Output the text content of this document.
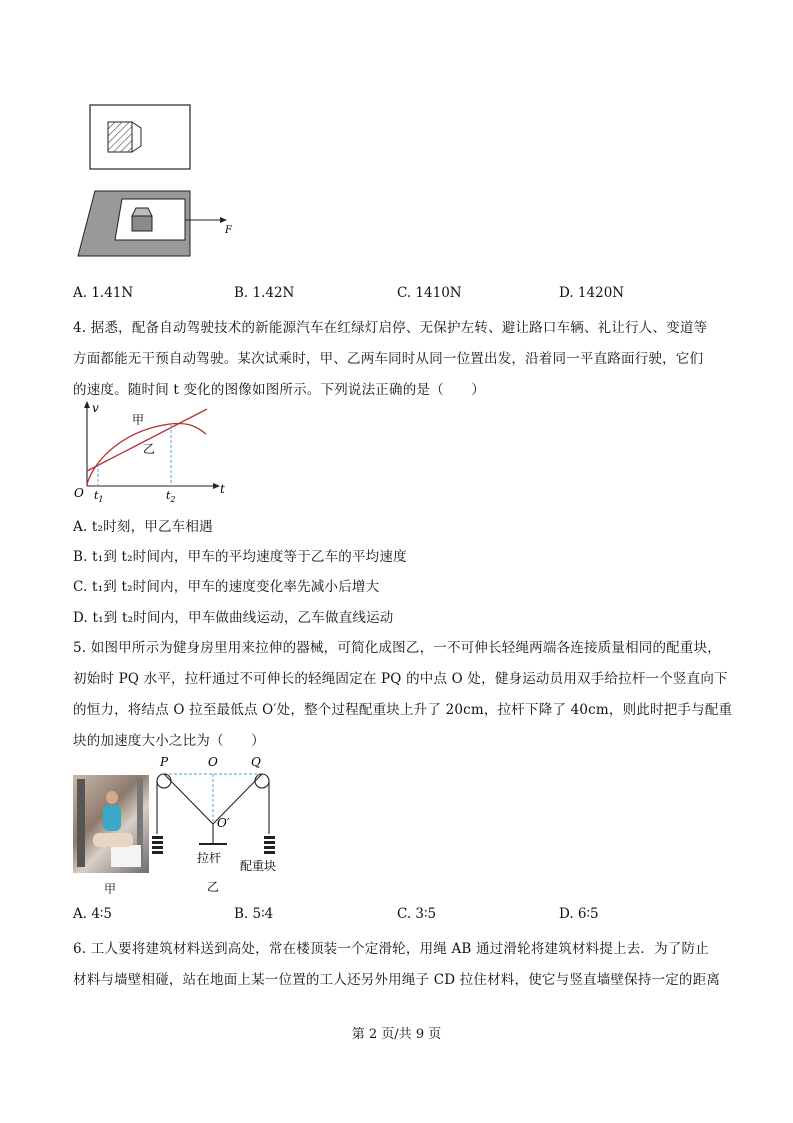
F
A. 1.41N	B. 1.42N	C. 1410N	D. 1420N
4. 据悉，配备自动驾驶技术的新能源汽车在红绿灯启停、无保护左转、避让路口车辆、礼让行人、变道等
方面都能无干预自动驾驶。某次试乘时，甲、乙两车同时从同一位置出发，沿着同一平直路面行驶，它们
的速度。随时间 t 变化的图像如图所示。下列说法正确的是（　　）
v
t
O
甲
乙
$t_1$	$t_2$
A. t₂时刻，甲乙车相遇
B. t₁到 t₂时间内，甲车的平均速度等于乙车的平均速度
C. t₁到 t₂时间内，甲车的速度变化率先减小后增大
D. t₁到 t₂时间内，甲车做曲线运动，乙车做直线运动
5. 如图甲所示为健身房里用来拉伸的器械，可简化成图乙，一不可伸长轻绳两端各连接质量相同的配重块，
初始时 PQ 水平，拉杆通过不可伸长的轻绳固定在 PQ 的中点 O 处，健身运动员用双手给拉杆一个竖直向下
的恒力，将结点 O 拉至最低点 O′处，整个过程配重块上升了 20cm，拉杆下降了 40cm，则此时把手与配重
块的加速度大小之比为（　　）
甲
P	O	Q
O′
拉杆
配重块
乙
A. 4∶5	B. 5∶4	C. 3∶5	D. 6∶5
6. 工人要将建筑材料送到高处，常在楼顶装一个定滑轮，用绳 AB 通过滑轮将建筑材料提上去．为了防止
材料与墙壁相碰，站在地面上某一位置的工人还另外用绳子 CD 拉住材料，使它与竖直墙壁保持一定的距离
第 2 页/共 9 页
